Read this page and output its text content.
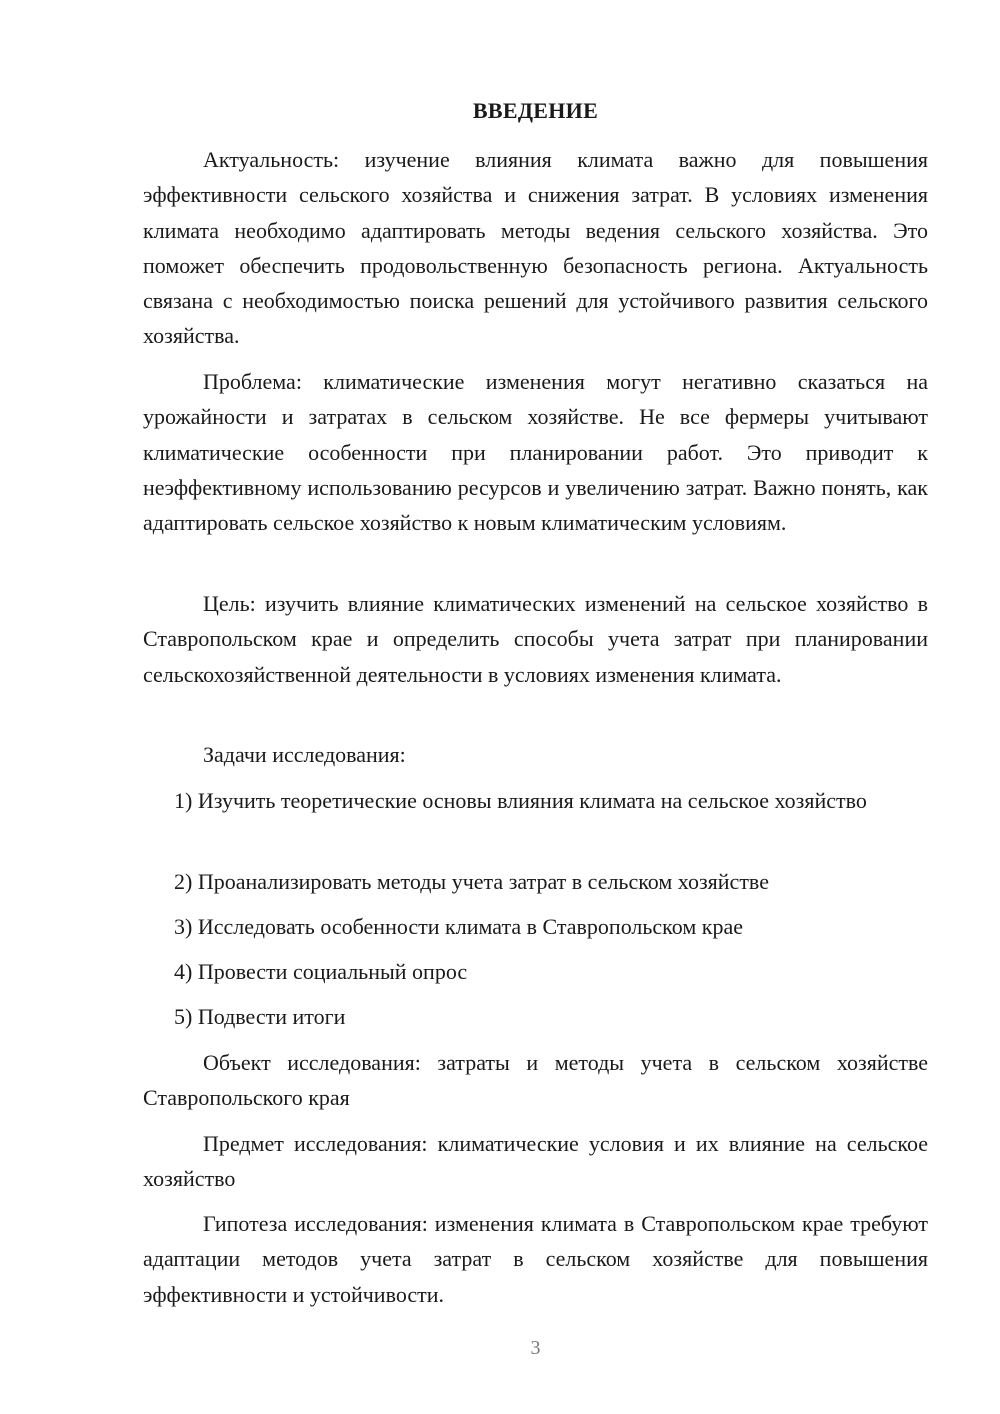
ВВЕДЕНИЕ

Актуальность: изучение влияния климата важно для повышения эффективности сельского хозяйства и снижения затрат. В условиях изменения климата необходимо адаптировать методы ведения сельского хозяйства. Это поможет обеспечить продовольственную безопасность региона. Актуальность связана с необходимостью поиска решений для устойчивого развития сельского хозяйства.

Проблема: климатические изменения могут негативно сказаться на урожайности и затратах в сельском хозяйстве. Не все фермеры учитывают климатические особенности при планировании работ. Это приводит к неэффективному использованию ресурсов и увеличению затрат. Важно понять, как адаптировать сельское хозяйство к новым климатическим условиям.

Цель: изучить влияние климатических изменений на сельское хозяйство в Ставропольском крае и определить способы учета затрат при планировании сельскохозяйственной деятельности в условиях изменения климата.

Задачи исследования:

1) Изучить теоретические основы влияния климата на сельское хозяйство

2) Проанализировать методы учета затрат в сельском хозяйстве

3) Исследовать особенности климата в Ставропольском крае

4) Провести социальный опрос

5) Подвести итоги

Объект исследования: затраты и методы учета в сельском хозяйстве Ставропольского края

Предмет исследования: климатические условия и их влияние на сельское хозяйство

Гипотеза исследования: изменения климата в Ставропольском крае требуют адаптации методов учета затрат в сельском хозяйстве для повышения эффективности и устойчивости.

3
